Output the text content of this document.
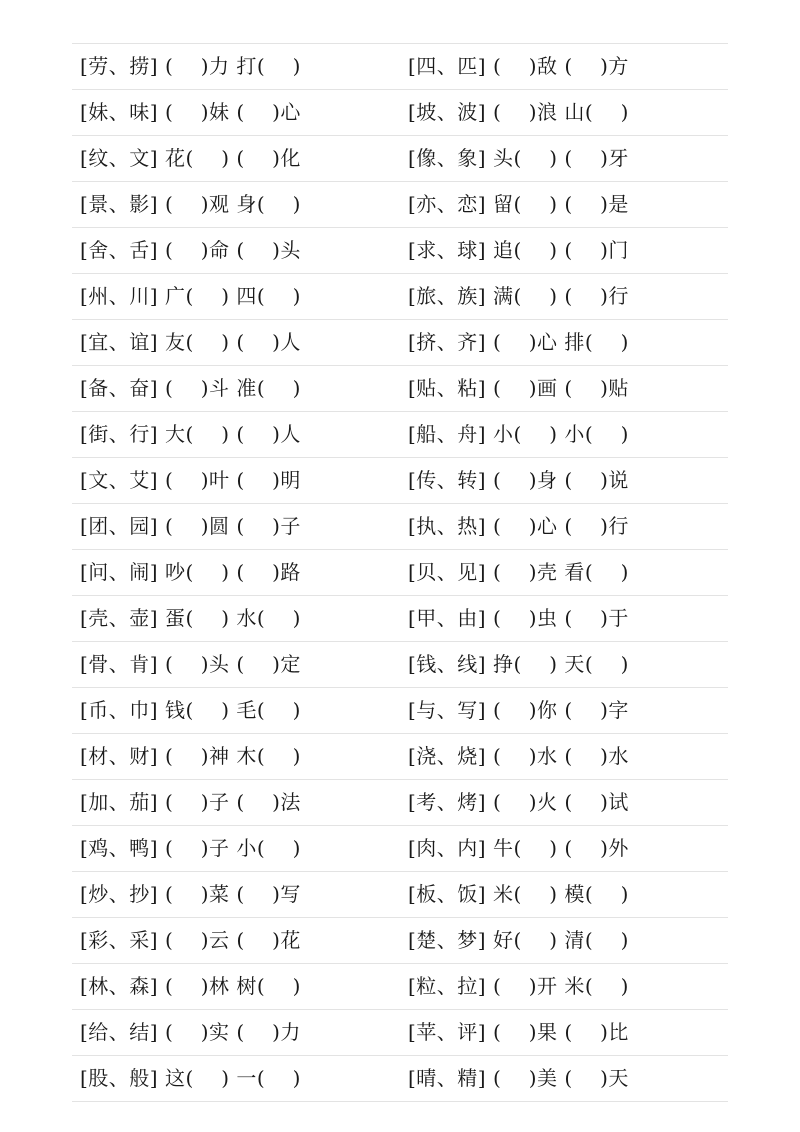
[劳、捞] (    )力 打(    )	[四、匹] (    )敌 (    )方
[妹、味] (    )妹 (    )心	[坡、波] (    )浪 山(    )
[纹、文] 花(    ) (    )化	[像、象] 头(    ) (    )牙
[景、影] (    )观 身(    )	[亦、恋] 留(    ) (    )是
[舍、舌] (    )命 (    )头	[求、球] 追(    ) (    )门
[州、川] 广(    ) 四(    )	[旅、族] 满(    ) (    )行
[宜、谊] 友(    ) (    )人	[挤、齐] (    )心 排(    )
[备、奋] (    )斗 准(    )	[贴、粘] (    )画 (    )贴
[街、行] 大(    ) (    )人	[船、舟] 小(    ) 小(    )
[文、艾] (    )叶 (    )明	[传、转] (    )身 (    )说
[团、园] (    )圆 (    )子	[执、热] (    )心 (    )行
[问、闹] 吵(    ) (    )路	[贝、见] (    )壳 看(    )
[壳、壶] 蛋(    ) 水(    )	[甲、由] (    )虫 (    )于
[骨、肯] (    )头 (    )定	[钱、线] 挣(    ) 天(    )
[币、巾] 钱(    ) 毛(    )	[与、写] (    )你 (    )字
[材、财] (    )神 木(    )	[浇、烧] (    )水 (    )水
[加、茄] (    )子 (    )法	[考、烤] (    )火 (    )试
[鸡、鸭] (    )子 小(    )	[肉、内] 牛(    ) (    )外
[炒、抄] (    )菜 (    )写	[板、饭] 米(    ) 模(    )
[彩、采] (    )云 (    )花	[楚、梦] 好(    ) 清(    )
[林、森] (    )林 树(    )	[粒、拉] (    )开 米(    )
[给、结] (    )实 (    )力	[苹、评] (    )果 (    )比
[股、般] 这(    ) 一(    )	[晴、精] (    )美 (    )天
